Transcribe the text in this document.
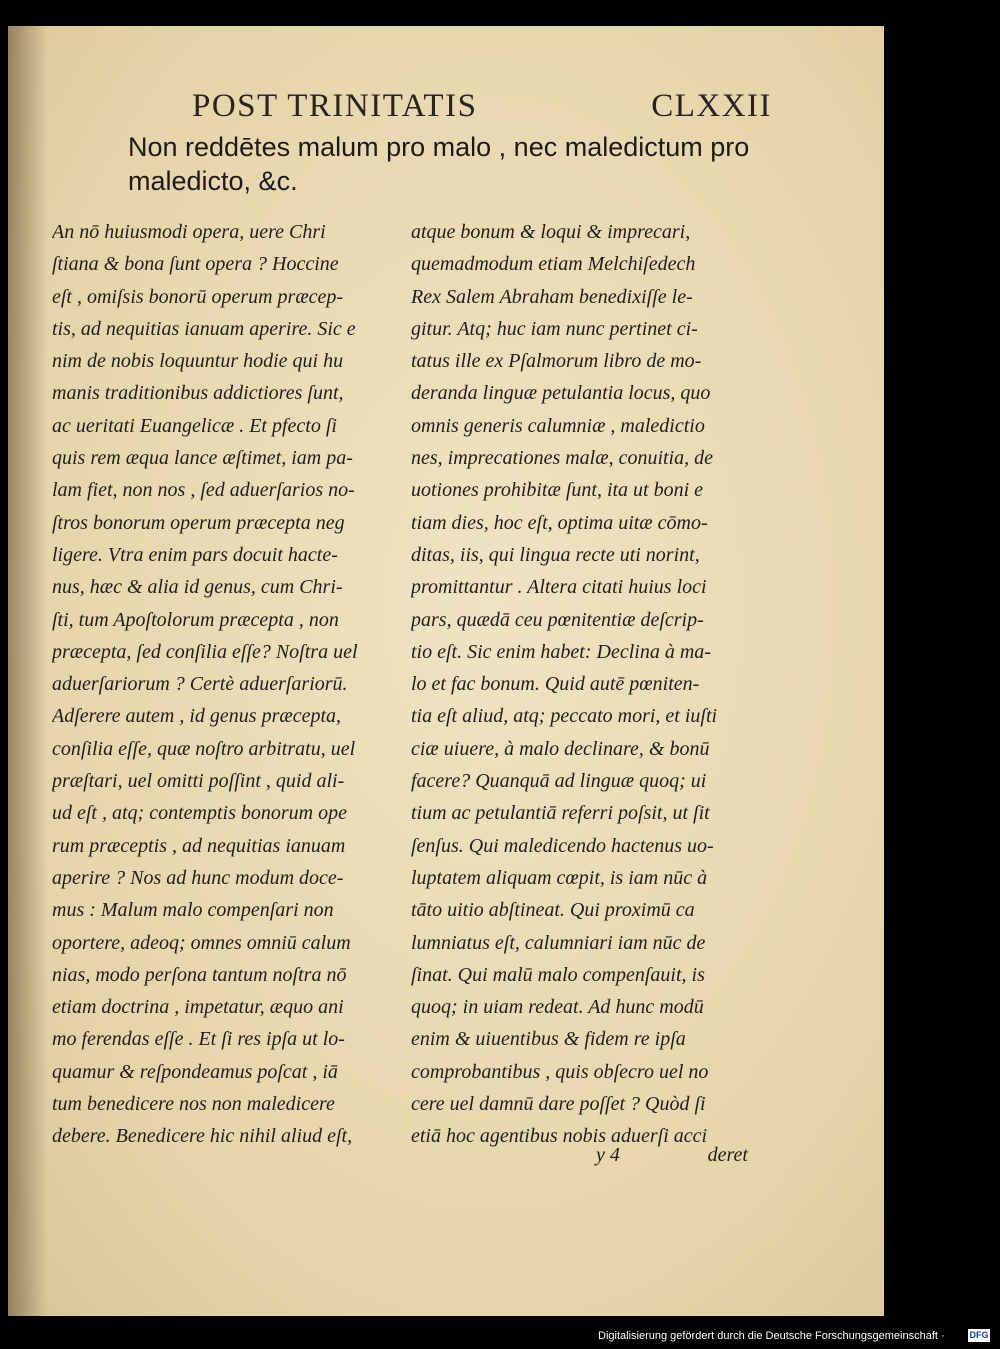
POST TRINITATIS	CLXXII
Non reddētes malum pro malo , nec maledictum pro
maledicto, &c.
An nō huiusmodi opera, uere Chri
ſtiana & bona ſunt opera ? Hoccine
eſt , omiſsis bonorū operum præcep-
tis, ad nequitias ianuam aperire. Sic e
nim de nobis loquuntur hodie qui hu
manis traditionibus addictiores ſunt,
ac ueritati Euangelicæ . Et pfecto ſi
quis rem æqua lance æſtimet, iam pa-
lam fiet, non nos , ſed aduerſarios no-
ſtros bonorum operum præcepta neg
ligere. Vtra enim pars docuit hacte-
nus, hæc & alia id genus, cum Chri-
ſti, tum Apoſtolorum præcepta , non
præcepta, ſed conſilia eſſe? Noſtra uel
aduerſariorum ? Certè aduerſariorū.
Adſerere autem , id genus præcepta,
conſilia eſſe, quæ noſtro arbitratu, uel
præſtari, uel omitti poſſint , quid ali-
ud eſt , atq; contemptis bonorum ope
rum præceptis , ad nequitias ianuam
aperire ? Nos ad hunc modum doce-
mus : Malum malo compenſari non
oportere, adeoq; omnes omniū calum
nias, modo perſona tantum noſtra nō
etiam doctrina , impetatur, æquo ani
mo ferendas eſſe . Et ſi res ipſa ut lo-
quamur & reſpondeamus poſcat , iā
tum benedicere nos non maledicere
debere. Benedicere hic nihil aliud eſt,
atque bonum & loqui & imprecari,
quemadmodum etiam Melchiſedech
Rex Salem Abraham benedixiſſe le-
gitur. Atq; huc iam nunc pertinet ci-
tatus ille ex Pſalmorum libro de mo-
deranda linguæ petulantia locus, quo
omnis generis calumniæ , maledictio
nes, imprecationes malæ, conuitia, de
uotiones prohibitæ ſunt, ita ut boni e
tiam dies, hoc eſt, optima uitæ cōmo-
ditas, iis, qui lingua recte uti norint,
promittantur . Altera citati huius loci
pars, quædā ceu pœnitentiæ deſcrip-
tio eſt. Sic enim habet: Declina à ma-
lo et fac bonum. Quid autē pœniten-
tia eſt aliud, atq; peccato mori, et iuſti
ciæ uiuere, à malo declinare, & bonū
facere? Quanquā ad linguæ quoq; ui
tium ac petulantiā referri poſsit, ut ſit
ſenſus. Qui maledicendo hactenus uo-
luptatem aliquam cœpit, is iam nūc à
tāto uitio abſtineat. Qui proximū ca
lumniatus eſt, calumniari iam nūc de
ſinat. Qui malū malo compenſauit, is
quoq; in uiam redeat. Ad hunc modū
enim & uiuentibus & fidem re ipſa
comprobantibus , quis obſecro uel no
cere uel damnū dare poſſet ? Quòd ſi
etiā hoc agentibus nobis aduerſi acci
y 4	deret
Digitalisierung gefördert durch die Deutsche Forschungsgemeinschaft ·	DFG
